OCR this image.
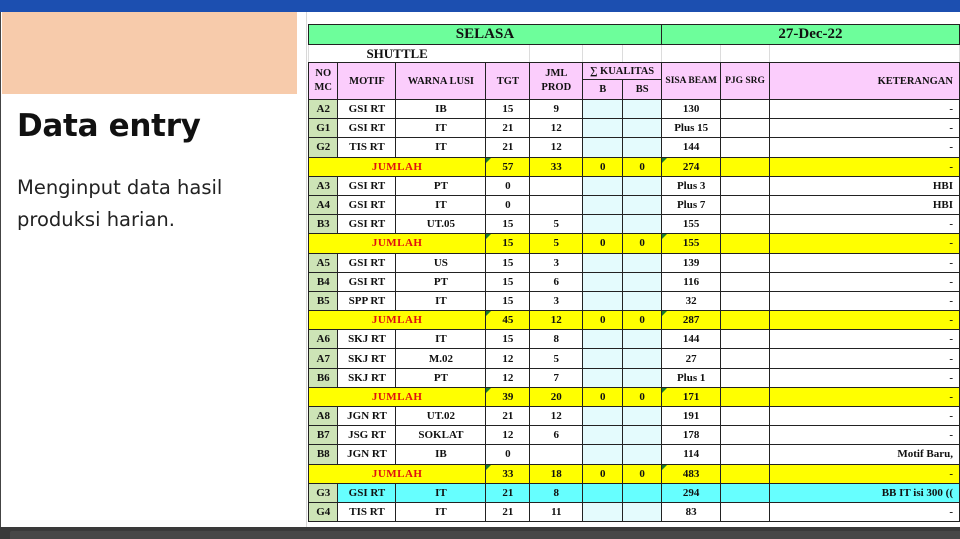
Data entry
Menginput data hasil produksi harian.
SELASA							27-Dec-22		
SHUTTLE									
NO MC	MOTIF	WARNA LUSI	TGT	JML PROD	∑ KUALITAS		SISA BEAM	PJG SRG	KETERANGAN
					B	BS			
A2	GSI RT	IB	15	9			130		-
G1	GSI RT	IT	21	12			Plus 15		-
G2	TIS RT	IT	21	12			144		-
JUMLAH			57	33	0	0	274		-
A3	GSI RT	PT	0				Plus 3		HBI
A4	GSI RT	IT	0				Plus 7		HBI
B3	GSI RT	UT.05	15	5			155		-
JUMLAH			15	5	0	0	155		-
A5	GSI RT	US	15	3			139		-
B4	GSI RT	PT	15	6			116		-
B5	SPP RT	IT	15	3			32		-
JUMLAH			45	12	0	0	287		-
A6	SKJ RT	IT	15	8			144		-
A7	SKJ RT	M.02	12	5			27		-
B6	SKJ RT	PT	12	7			Plus 1		-
JUMLAH			39	20	0	0	171		-
A8	JGN RT	UT.02	21	12			191		-
B7	JSG RT	SOKLAT	12	6			178		-
B8	JGN RT	IB	0				114		Motif Baru,
JUMLAH			33	18	0	0	483		-
G3	GSI RT	IT	21	8			294		BB IT isi 300 ((
G4	TIS RT	IT	21	11			83		-
